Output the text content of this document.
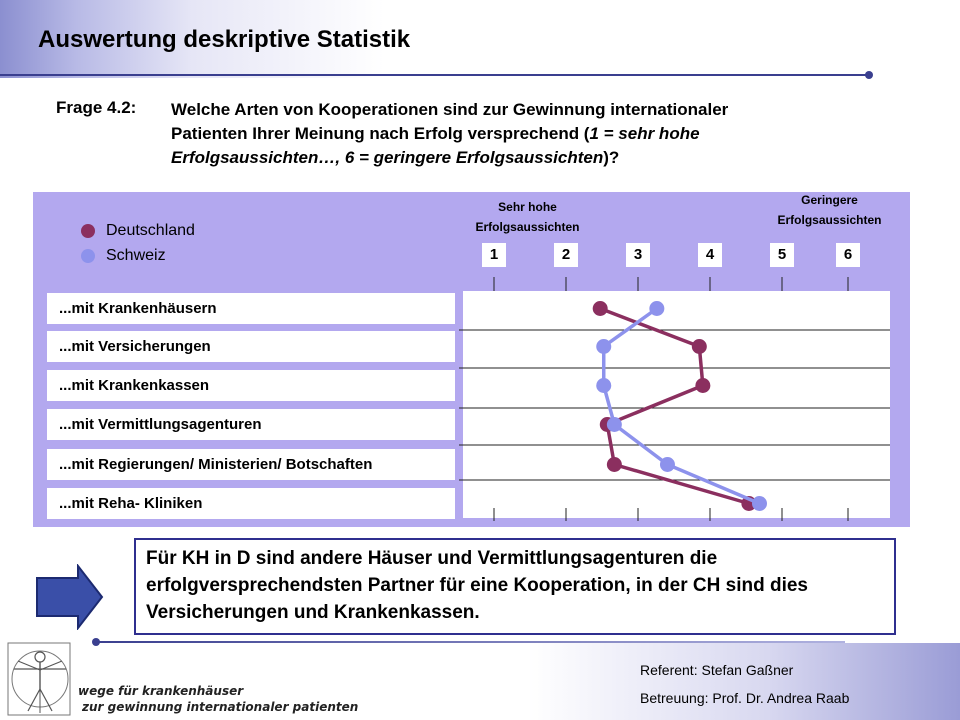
Auswertung deskriptive Statistik
Frage 4.2: Welche Arten von Kooperationen sind zur Gewinnung internationaler
Patienten Ihrer Meinung nach Erfolg versprechend (1 = sehr hohe
Erfolgsaussichten…, 6 = geringere Erfolgsaussichten)?
Deutschland
Schweiz
Sehr hohe
Erfolgsaussichten
Geringere
Erfolgsaussichten
1	2	3	4	5	6
...mit Krankenhäusern
...mit Versicherungen
...mit Krankenkassen
...mit Vermittlungsagenturen
...mit Regierungen/ Ministerien/ Botschaften
...mit Reha- Kliniken
Für KH in D sind andere Häuser und Vermittlungsagenturen die erfolgversprechendsten Partner für eine Kooperation, in der CH sind dies Versicherungen und Krankenkassen.
Referent: Stefan Gaßner
Betreuung: Prof. Dr. Andrea Raab
wege für krankenhäuser
zur gewinnung internationaler patienten
